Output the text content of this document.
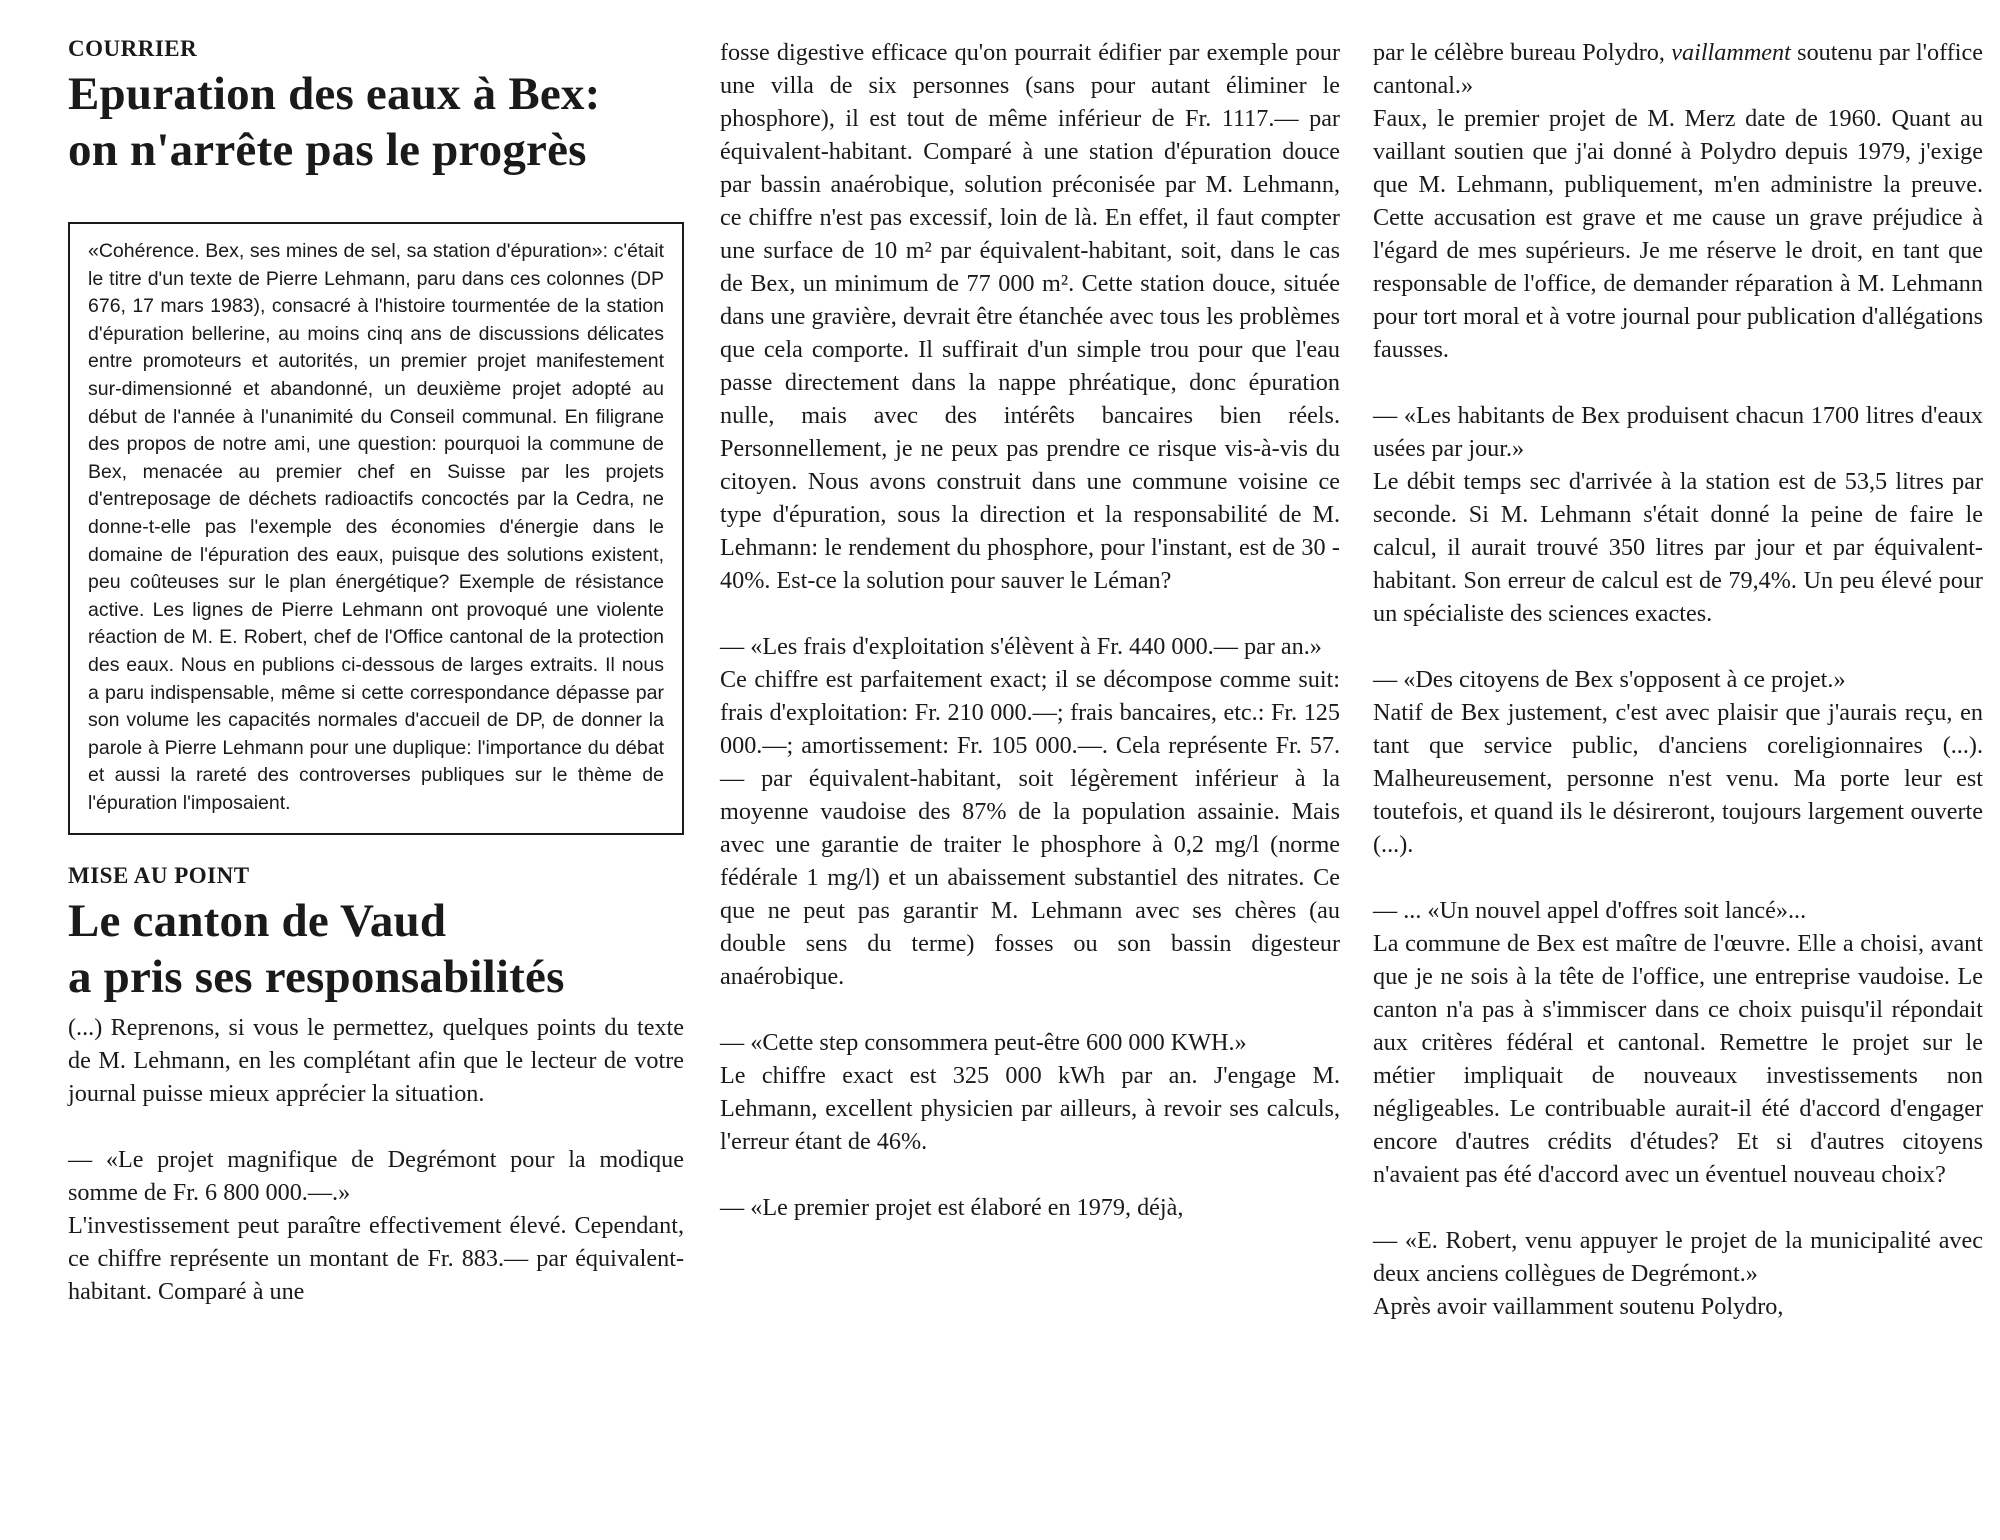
COURRIER
Epuration des eaux à Bex:
on n'arrête pas le progrès
«Cohérence. Bex, ses mines de sel, sa station d'épuration»: c'était le titre d'un texte de Pierre Lehmann, paru dans ces colonnes (DP 676, 17 mars 1983), consacré à l'histoire tourmentée de la station d'épuration bellerine, au moins cinq ans de discussions délicates entre promoteurs et autorités, un premier projet manifestement sur-dimensionné et abandonné, un deuxième projet adopté au début de l'année à l'unanimité du Conseil communal. En filigrane des propos de notre ami, une question: pourquoi la commune de Bex, menacée au premier chef en Suisse par les projets d'entreposage de déchets radioactifs concoctés par la Cedra, ne donne-t-elle pas l'exemple des économies d'énergie dans le domaine de l'épuration des eaux, puisque des solutions existent, peu coûteuses sur le plan énergétique? Exemple de résistance active. Les lignes de Pierre Lehmann ont provoqué une violente réaction de M. E. Robert, chef de l'Office cantonal de la protection des eaux. Nous en publions ci-dessous de larges extraits. Il nous a paru indispensable, même si cette correspondance dépasse par son volume les capacités normales d'accueil de DP, de donner la parole à Pierre Lehmann pour une duplique: l'importance du débat et aussi la rareté des controverses publiques sur le thème de l'épuration l'imposaient.
MISE AU POINT
Le canton de Vaud
a pris ses responsabilités

(...) Reprenons, si vous le permettez, quelques points du texte de M. Lehmann, en les complétant afin que le lecteur de votre journal puisse mieux apprécier la situation.

— «Le projet magnifique de Degrémont pour la modique somme de Fr. 6 800 000.—.»

L'investissement peut paraître effectivement élevé. Cependant, ce chiffre représente un montant de Fr. 883.— par équivalent-habitant. Comparé à une

fosse digestive efficace qu'on pourrait édifier par exemple pour une villa de six personnes (sans pour autant éliminer le phosphore), il est tout de même inférieur de Fr. 1117.— par équivalent-habitant. Comparé à une station d'épuration douce par bassin anaérobique, solution préconisée par M. Lehmann, ce chiffre n'est pas excessif, loin de là. En effet, il faut compter une surface de 10 m² par équivalent-habitant, soit, dans le cas de Bex, un minimum de 77 000 m². Cette station douce, située dans une gravière, devrait être étanchée avec tous les problèmes que cela comporte. Il suffirait d'un simple trou pour que l'eau passe directement dans la nappe phréatique, donc épuration nulle, mais avec des intérêts bancaires bien réels. Personnellement, je ne peux pas prendre ce risque vis-à-vis du citoyen. Nous avons construit dans une commune voisine ce type d'épuration, sous la direction et la responsabilité de M. Lehmann: le rendement du phosphore, pour l'instant, est de 30 - 40%. Est-ce la solution pour sauver le Léman?

— «Les frais d'exploitation s'élèvent à Fr. 440 000.— par an.»

Ce chiffre est parfaitement exact; il se décompose comme suit: frais d'exploitation: Fr. 210 000.—; frais bancaires, etc.: Fr. 125 000.—; amortissement: Fr. 105 000.—. Cela représente Fr. 57.— par équivalent-habitant, soit légèrement inférieur à la moyenne vaudoise des 87% de la population assainie. Mais avec une garantie de traiter le phosphore à 0,2 mg/l (norme fédérale 1 mg/l) et un abaissement substantiel des nitrates. Ce que ne peut pas garantir M. Lehmann avec ses chères (au double sens du terme) fosses ou son bassin digesteur anaérobique.

— «Cette step consommera peut-être 600 000 KWH.»

Le chiffre exact est 325 000 kWh par an. J'engage M. Lehmann, excellent physicien par ailleurs, à revoir ses calculs, l'erreur étant de 46%.

— «Le premier projet est élaboré en 1979, déjà,

par le célèbre bureau Polydro, vaillamment soutenu par l'office cantonal.»

Faux, le premier projet de M. Merz date de 1960. Quant au vaillant soutien que j'ai donné à Polydro depuis 1979, j'exige que M. Lehmann, publiquement, m'en administre la preuve. Cette accusation est grave et me cause un grave préjudice à l'égard de mes supérieurs. Je me réserve le droit, en tant que responsable de l'office, de demander réparation à M. Lehmann pour tort moral et à votre journal pour publication d'allégations fausses.

— «Les habitants de Bex produisent chacun 1700 litres d'eaux usées par jour.»

Le débit temps sec d'arrivée à la station est de 53,5 litres par seconde. Si M. Lehmann s'était donné la peine de faire le calcul, il aurait trouvé 350 litres par jour et par équivalent-habitant. Son erreur de calcul est de 79,4%. Un peu élevé pour un spécialiste des sciences exactes.

— «Des citoyens de Bex s'opposent à ce projet.»

Natif de Bex justement, c'est avec plaisir que j'aurais reçu, en tant que service public, d'anciens coreligionnaires (...). Malheureusement, personne n'est venu. Ma porte leur est toutefois, et quand ils le désireront, toujours largement ouverte (...).

— ... «Un nouvel appel d'offres soit lancé»...

La commune de Bex est maître de l'œuvre. Elle a choisi, avant que je ne sois à la tête de l'office, une entreprise vaudoise. Le canton n'a pas à s'immiscer dans ce choix puisqu'il répondait aux critères fédéral et cantonal. Remettre le projet sur le métier impliquait de nouveaux investissements non négligeables. Le contribuable aurait-il été d'accord d'engager encore d'autres crédits d'études? Et si d'autres citoyens n'avaient pas été d'accord avec un éventuel nouveau choix?

— «E. Robert, venu appuyer le projet de la municipalité avec deux anciens collègues de Degrémont.»

Après avoir vaillamment soutenu Polydro,
